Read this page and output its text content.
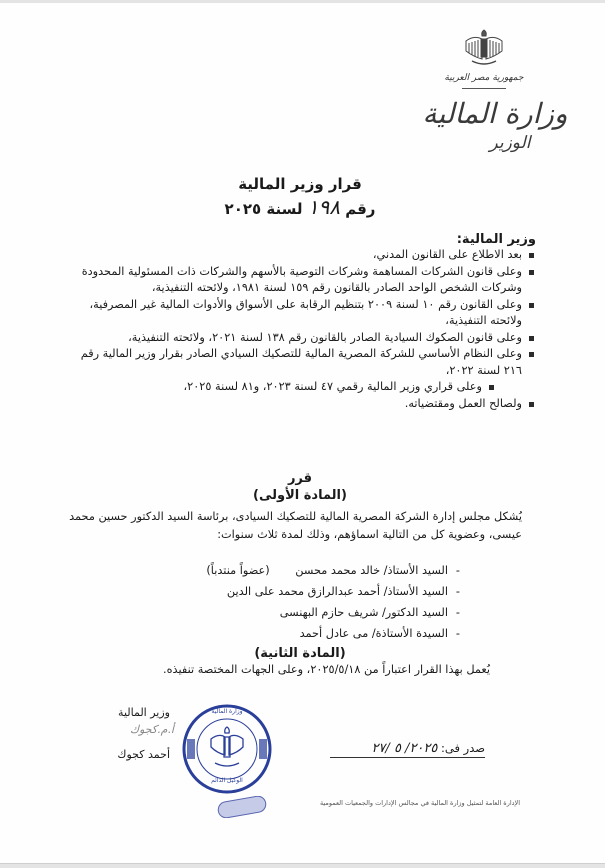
جمهورية مصر العربية
وزارة المالية
الوزير
قرار وزير المالية
رقم ١٩٨ لسنة ٢٠٢٥
وزير المالية:
بعد الاطلاع على القانون المدني،
وعلى قانون الشركات المساهمة وشركات التوصية بالأسهم والشركات ذات المسئولية المحدودة وشركات الشخص الواحد الصادر بالقانون رقم ١٥٩ لسنة ١٩٨١، ولائحته التنفيذية،
وعلى القانون رقم ١٠ لسنة ٢٠٠٩ بتنظيم الرقابة على الأسواق والأدوات المالية غير المصرفية، ولائحته التنفيذية،
وعلى قانون الصكوك السيادية الصادر بالقانون رقم ١٣٨ لسنة ٢٠٢١، ولائحته التنفيذية،
وعلى النظام الأساسي للشركة المصرية المالية للتصكيك السيادي الصادر بقرار وزير المالية رقم ٢١٦ لسنة ٢٠٢٢،
وعلى قراري وزير المالية رقمي ٤٧ لسنة ٢٠٢٣، و٨١ لسنة ٢٠٢٥،
ولصالح العمل ومقتضياته.
قرر
(المادة الأولى)
يُشكل مجلس إدارة الشركة المصرية المالية للتصكيك السيادى، برئاسة السيد الدكتور حسين محمد عيسى، وعضوية كل من التالية اسماؤهم، وذلك لمدة ثلاث سنوات:
- السيد الأستاذ/ خالد محمد محسن (عضواً منتدباً)
- السيد الأستاذ/ أحمد عبدالرازق محمد على الدين
- السيد الدكتور/ شريف حازم البهنسى
- السيدة الأستاذة/ مى عادل أحمد
(المادة الثانية)
يُعمل بهذا القرار اعتباراً من ٢٠٢٥/٥/١٨، وعلى الجهات المختصة تنفيذه.
وزير المالية
أ.م.كجوك
أحمد كجوك
وزارة المالية
الوكيل الدائم
صدر فى: ٢٠٢٥/ ٥ /٢٧
الإدارة العامة لتمثيل وزارة المالية في مجالس الإدارات والجمعيات العمومية
